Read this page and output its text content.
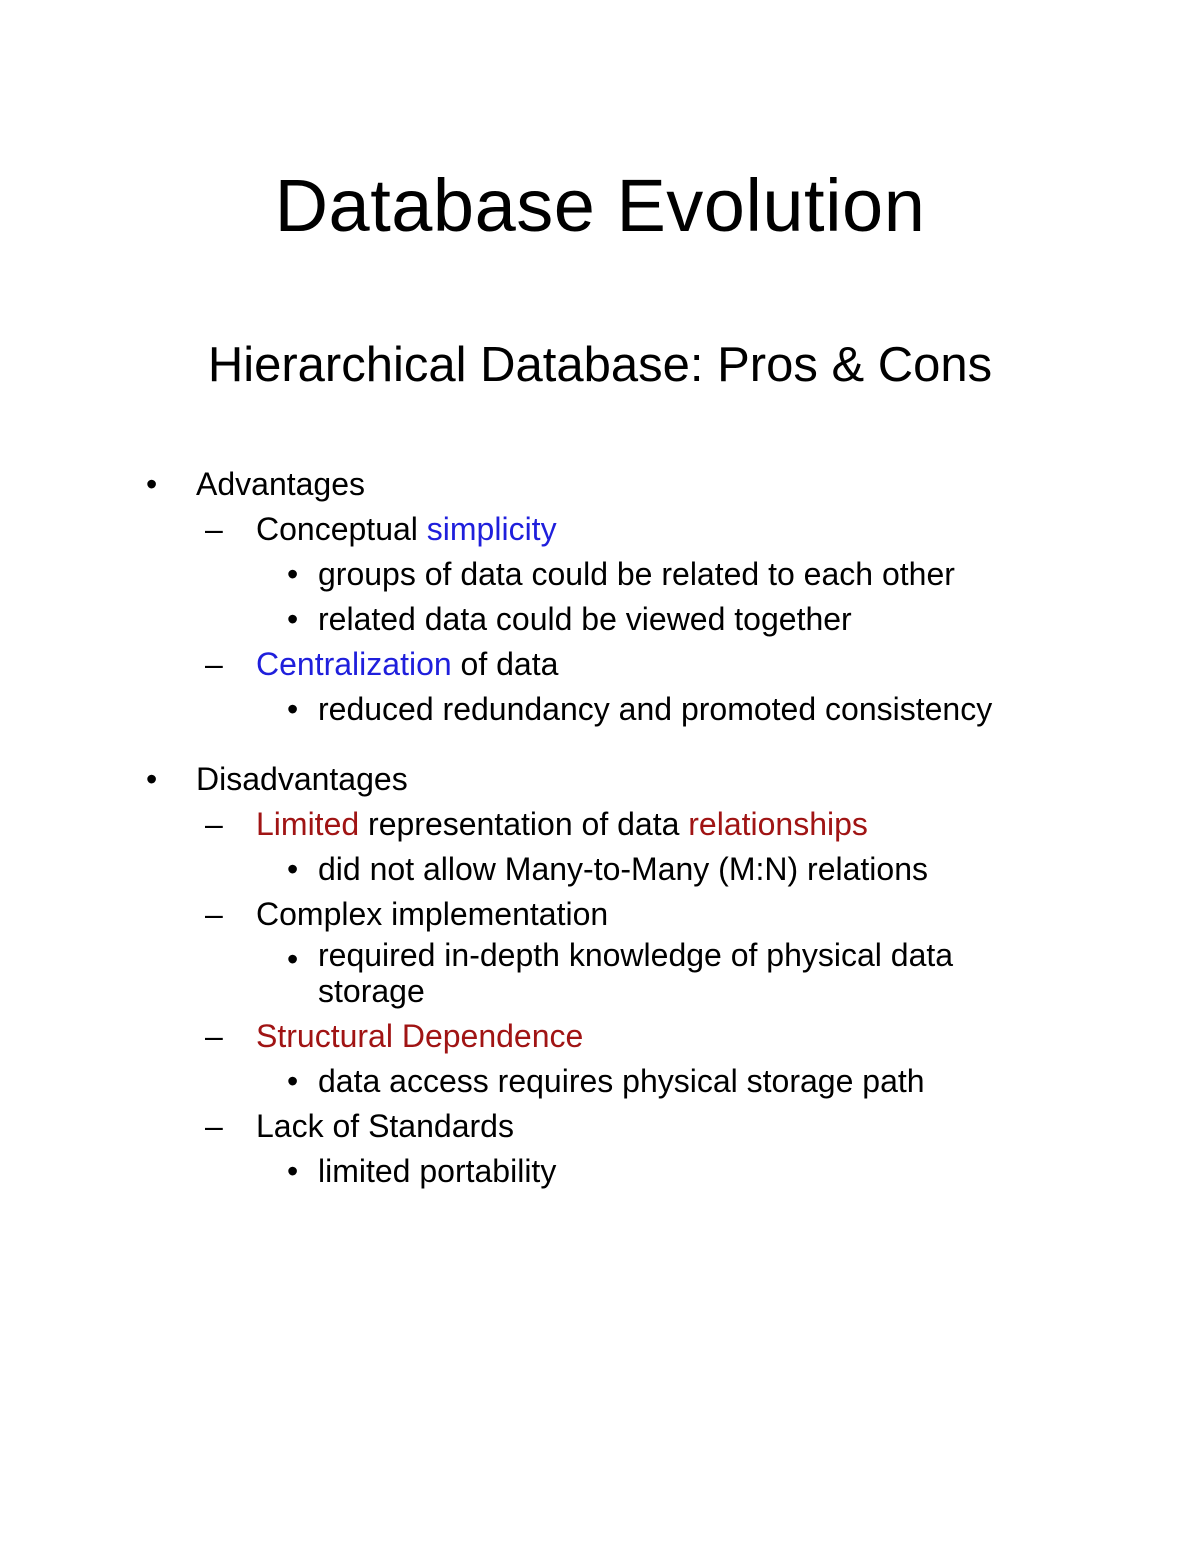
Database Evolution
Hierarchical Database: Pros & Cons
• Advantages
– Conceptual simplicity
• groups of data could be related to each other
• related data could be viewed together
– Centralization of data
• reduced redundancy and promoted consistency
• Disadvantages
– Limited representation of data relationships
• did not allow Many-to-Many (M:N) relations
– Complex implementation
• required in-depth knowledge of physical data storage
– Structural Dependence
• data access requires physical storage path
– Lack of Standards
• limited portability
